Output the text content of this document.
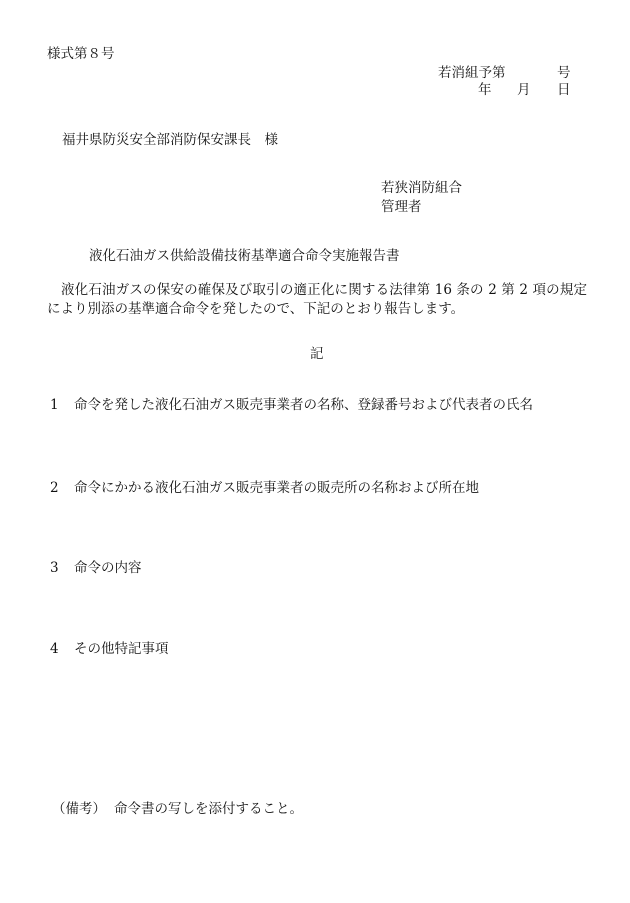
様式第８号

若消組予第	号

年 月 日

福井県防災安全部消防保安課長　様

若狭消防組合

管理者

液化石油ガス供給設備技術基準適合命令実施報告書

液化石油ガスの保安の確保及び取引の適正化に関する法律第 16 条の 2 第 2 項の規定により別添の基準適合命令を発したので、下記のとおり報告します。

記

1 命令を発した液化石油ガス販売事業者の名称、登録番号および代表者の氏名
2 命令にかかる液化石油ガス販売事業者の販売所の名称および所在地
3 命令の内容
4 その他特記事項
（備考） 命令書の写しを添付すること。
